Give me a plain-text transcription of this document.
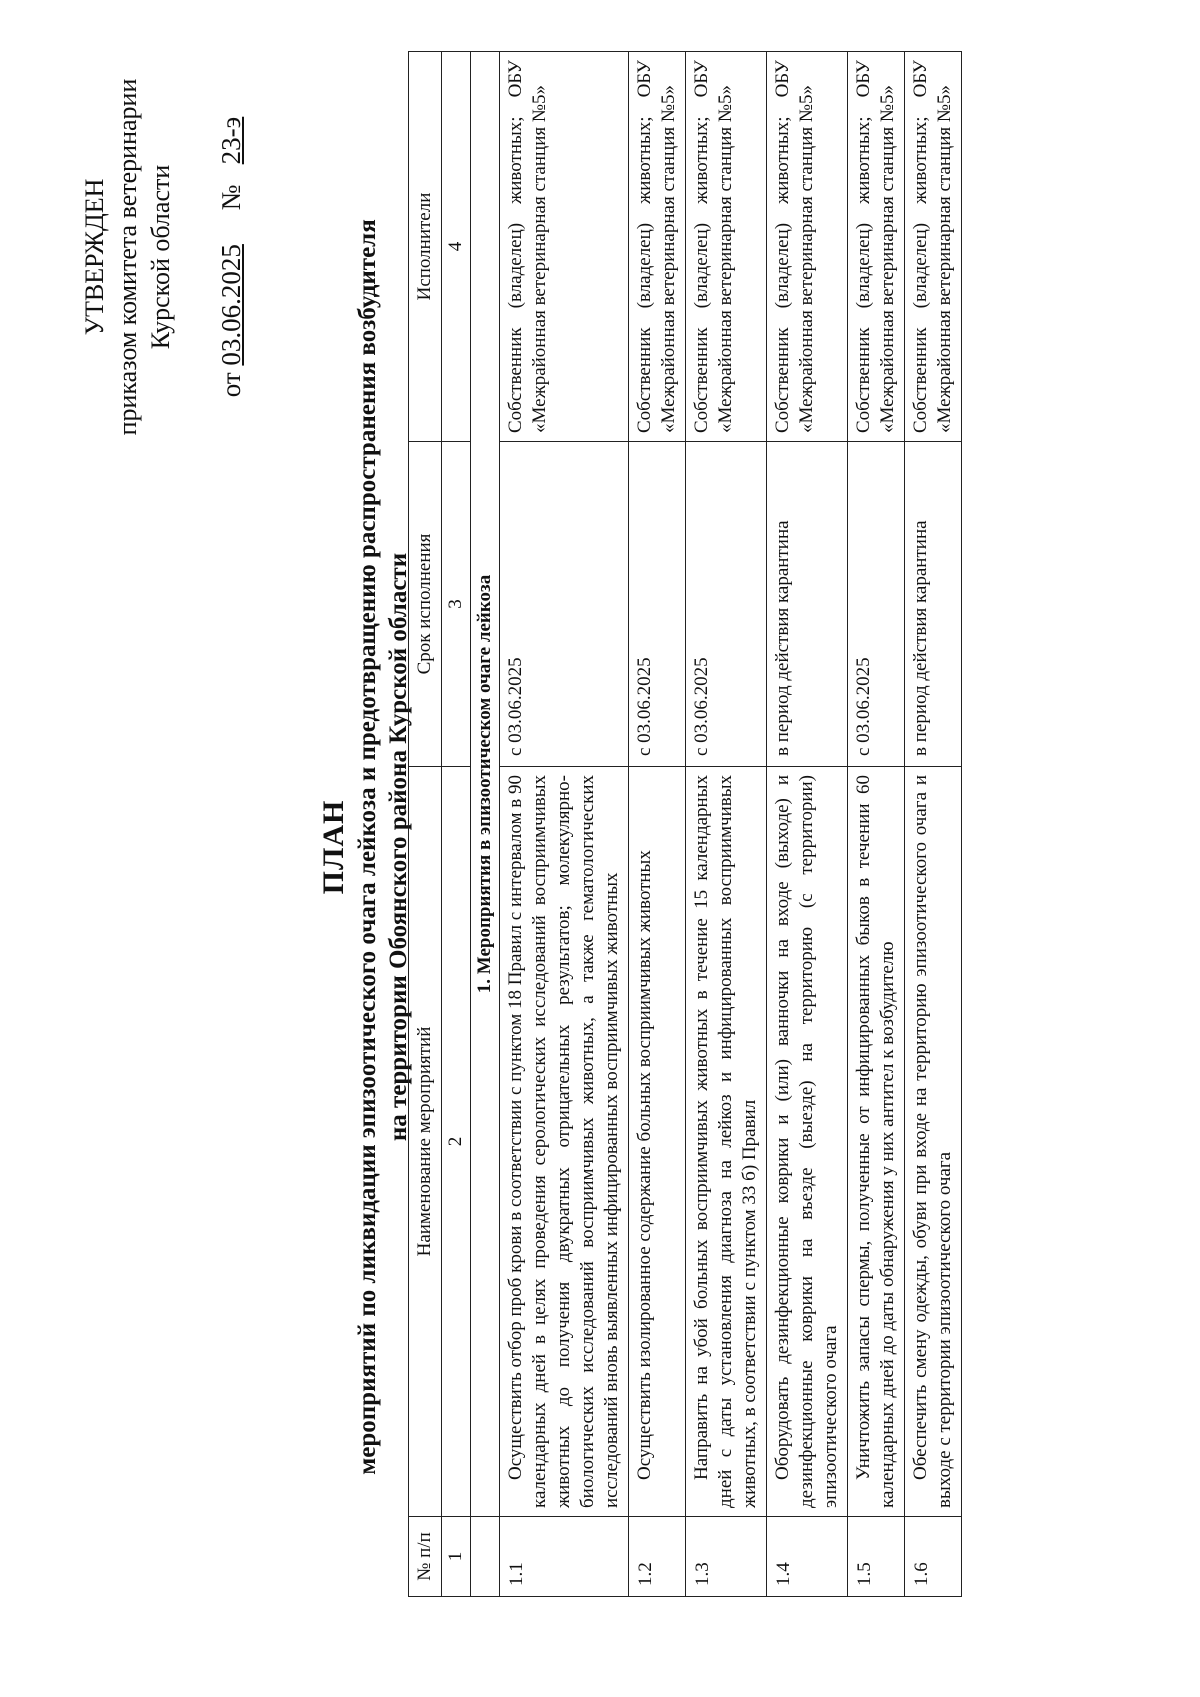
УТВЕРЖДЕН приказом комитета ветеринарии Курской области
от 03.06.2025     №   23-э
ПЛАН мероприятий по ликвидации эпизоотического очага лейкоза и предотвращению распространения возбудителя на территории Обоянского района Курской области
№ п/п	Наименование мероприятий	Срок исполнения	Исполнители
1	2	3	4
	1. Мероприятия в эпизоотическом очаге лейкоза		
1.1	Осуществить отбор проб крови в соответствии с пунктом 18 Правил с интервалом в 90 календарных дней в целях проведения серологических исследований восприимчивых животных до получения двукратных отрицательных результатов; молекулярно-биологических исследований восприимчивых животных, а также гематологических исследований вновь выявленных инфицированных восприимчивых животных	с 03.06.2025	Собственник (владелец) животных; ОБУ «Межрайонная ветеринарная станция №5»
1.2	Осуществить изолированное содержание больных восприимчивых животных	с 03.06.2025	Собственник (владелец) животных; ОБУ «Межрайонная ветеринарная станция №5»
1.3	Направить на убой больных восприимчивых животных в течение 15 календарных дней с даты установления диагноза на лейкоз и инфицированных восприимчивых животных, в соответствии с пунктом 33 б) Правил	с 03.06.2025	Собственник (владелец) животных; ОБУ «Межрайонная ветеринарная станция №5»
1.4	Оборудовать дезинфекционные коврики и (или) ванночки на входе (выходе) и дезинфекционные коврики на въезде (выезде) на территорию (с территории) эпизоотического очага	в период действия карантина	Собственник (владелец) животных; ОБУ «Межрайонная ветеринарная станция №5»
1.5	Уничтожить запасы спермы, полученные от инфицированных быков в течении 60 календарных дней до даты обнаружения у них антител к возбудителю	с 03.06.2025	Собственник (владелец) животных; ОБУ «Межрайонная ветеринарная станция №5»
1.6	Обеспечить смену одежды, обуви при входе на территорию эпизоотического очага и выходе с территории эпизоотического очага	в период действия карантина	Собственник (владелец) животных; ОБУ «Межрайонная ветеринарная станция №5»
